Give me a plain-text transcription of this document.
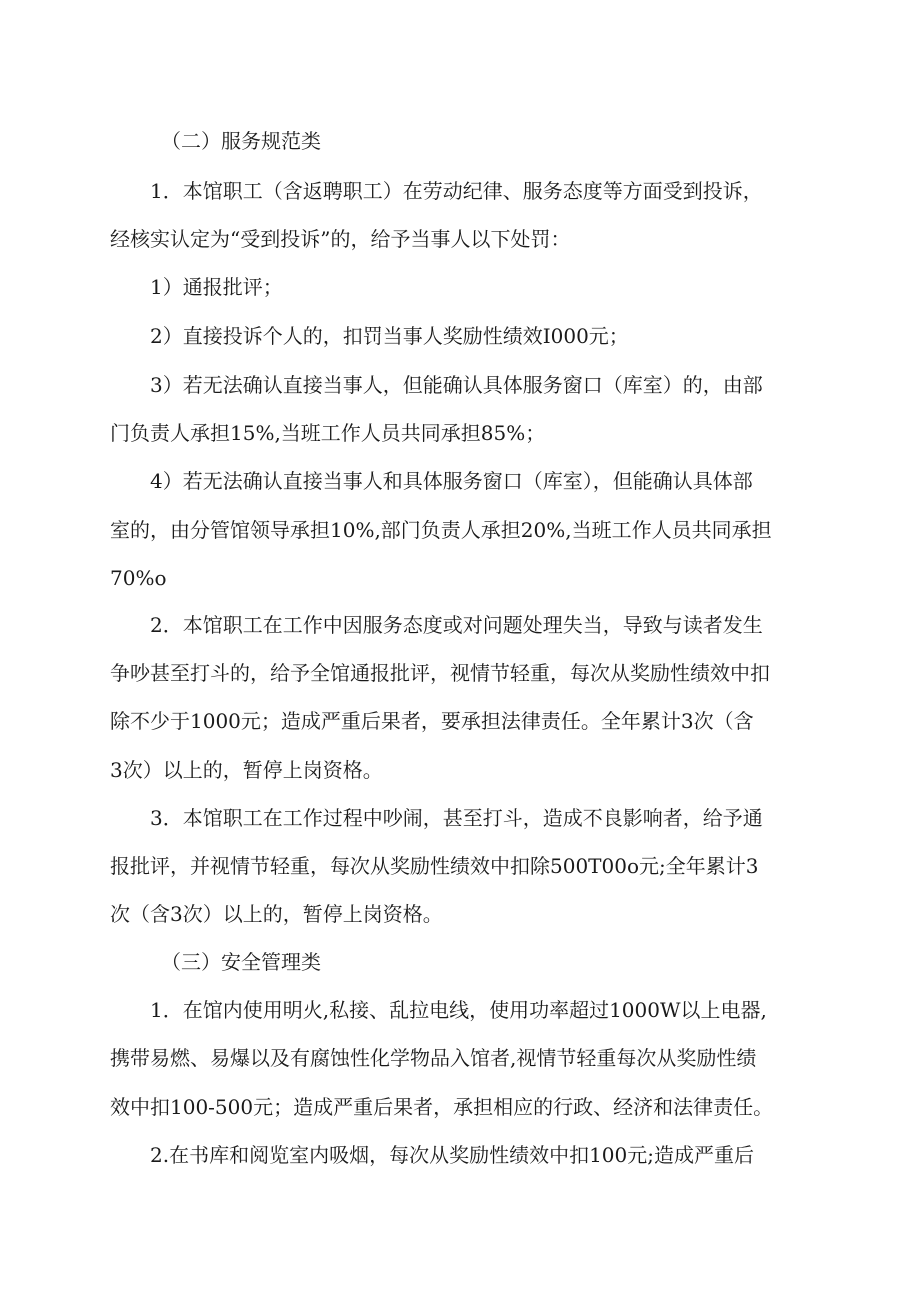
（二）服务规范类
1．本馆职工（含返聘职工）在劳动纪律、服务态度等方面受到投诉，
经核实认定为“受到投诉”的，给予当事人以下处罚：
1）通报批评；
2）直接投诉个人的，扣罚当事人奖励性绩效I000元；
3）若无法确认直接当事人，但能确认具体服务窗口（库室）的，由部
门负责人承担15%,当班工作人员共同承担85%；
4）若无法确认直接当事人和具体服务窗口（库室），但能确认具体部
室的，由分管馆领导承担10%,部门负责人承担20%,当班工作人员共同承担
70%o
2．本馆职工在工作中因服务态度或对问题处理失当，导致与读者发生
争吵甚至打斗的，给予全馆通报批评，视情节轻重，每次从奖励性绩效中扣
除不少于1000元；造成严重后果者，要承担法律责任。全年累计3次（含
3次）以上的，暂停上岗资格。
3．本馆职工在工作过程中吵闹，甚至打斗，造成不良影响者，给予通
报批评，并视情节轻重，每次从奖励性绩效中扣除500T00o元;全年累计3
次（含3次）以上的，暂停上岗资格。
（三）安全管理类
1．在馆内使用明火,私接、乱拉电线，使用功率超过1000W以上电器,
携带易燃、易爆以及有腐蚀性化学物品入馆者,视情节轻重每次从奖励性绩
效中扣100-500元；造成严重后果者，承担相应的行政、经济和法律责任。
2.在书库和阅览室内吸烟，每次从奖励性绩效中扣100元;造成严重后
